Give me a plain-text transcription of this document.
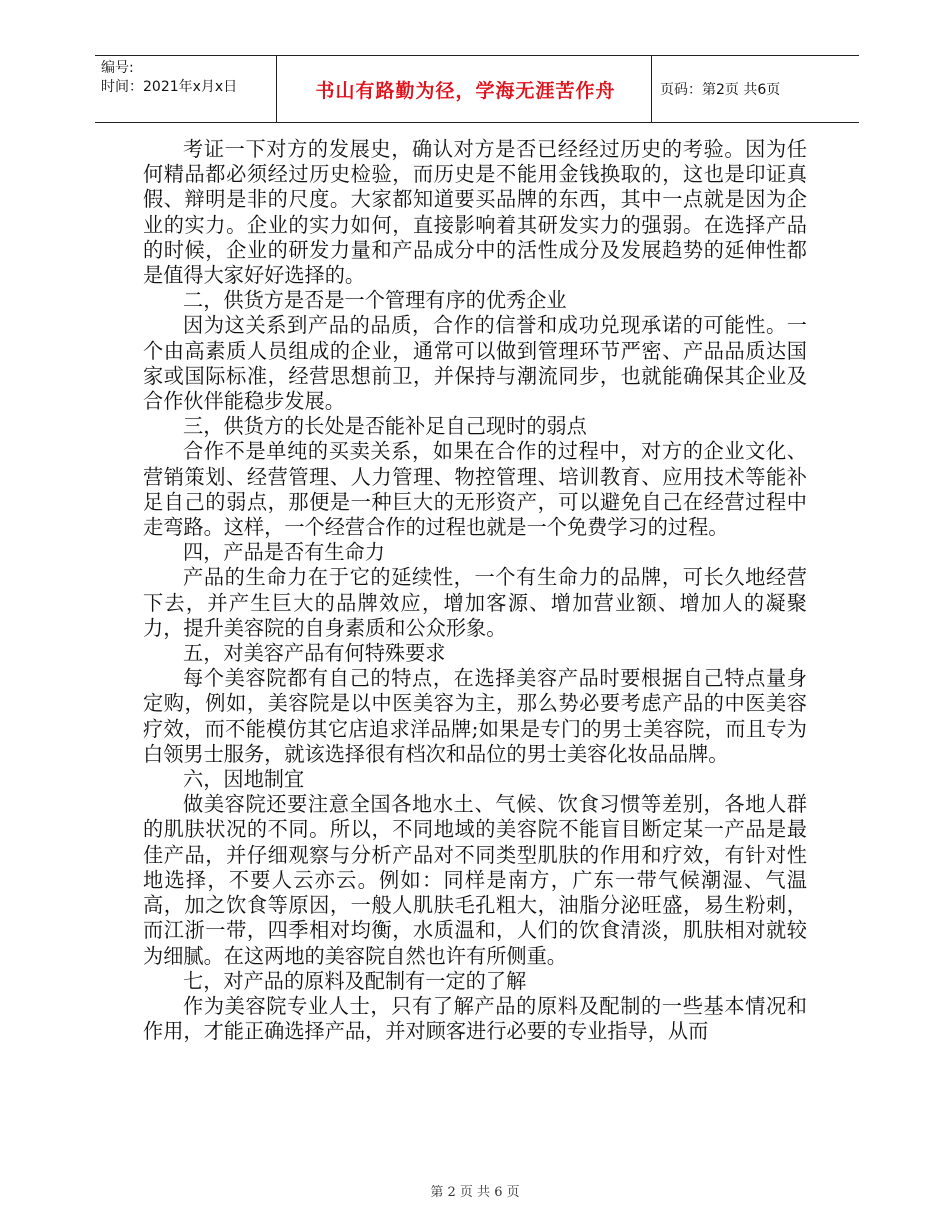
编号:
时间：2021年x月x日	书山有路勤为径，学海无涯苦作舟	页码：第2页 共6页

考证一下对方的发展史，确认对方是否已经经过历史的考验。因为任何精品都必须经过历史检验，而历史是不能用金钱换取的，这也是印证真假、辩明是非的尺度。大家都知道要买品牌的东西，其中一点就是因为企业的实力。企业的实力如何，直接影响着其研发实力的强弱。在选择产品的时候，企业的研发力量和产品成分中的活性成分及发展趋势的延伸性都是值得大家好好选择的。

二，供货方是否是一个管理有序的优秀企业

因为这关系到产品的品质，合作的信誉和成功兑现承诺的可能性。一个由高素质人员组成的企业，通常可以做到管理环节严密、产品品质达国家或国际标准，经营思想前卫，并保持与潮流同步，也就能确保其企业及合作伙伴能稳步发展。

三，供货方的长处是否能补足自己现时的弱点

合作不是单纯的买卖关系，如果在合作的过程中，对方的企业文化、营销策划、经营管理、人力管理、物控管理、培训教育、应用技术等能补足自己的弱点，那便是一种巨大的无形资产，可以避免自己在经营过程中走弯路。这样，一个经营合作的过程也就是一个免费学习的过程。

四，产品是否有生命力

产品的生命力在于它的延续性，一个有生命力的品牌，可长久地经营下去，并产生巨大的品牌效应，增加客源、增加营业额、增加人的凝聚力，提升美容院的自身素质和公众形象。

五，对美容产品有何特殊要求

每个美容院都有自己的特点，在选择美容产品时要根据自己特点量身定购，例如，美容院是以中医美容为主，那么势必要考虑产品的中医美容疗效，而不能模仿其它店追求洋品牌;如果是专门的男士美容院，而且专为白领男士服务，就该选择很有档次和品位的男士美容化妆品品牌。

六，因地制宜

做美容院还要注意全国各地水土、气候、饮食习惯等差别，各地人群的肌肤状况的不同。所以，不同地域的美容院不能盲目断定某一产品是最佳产品，并仔细观察与分析产品对不同类型肌肤的作用和疗效，有针对性地选择，不要人云亦云。例如：同样是南方，广东一带气候潮湿、气温高，加之饮食等原因，一般人肌肤毛孔粗大，油脂分泌旺盛，易生粉刺，而江浙一带，四季相对均衡，水质温和，人们的饮食清淡，肌肤相对就较为细腻。在这两地的美容院自然也许有所侧重。

七，对产品的原料及配制有一定的了解

作为美容院专业人士，只有了解产品的原料及配制的一些基本情况和作用，才能正确选择产品，并对顾客进行必要的专业指导，从而

第 2 页 共 6 页
